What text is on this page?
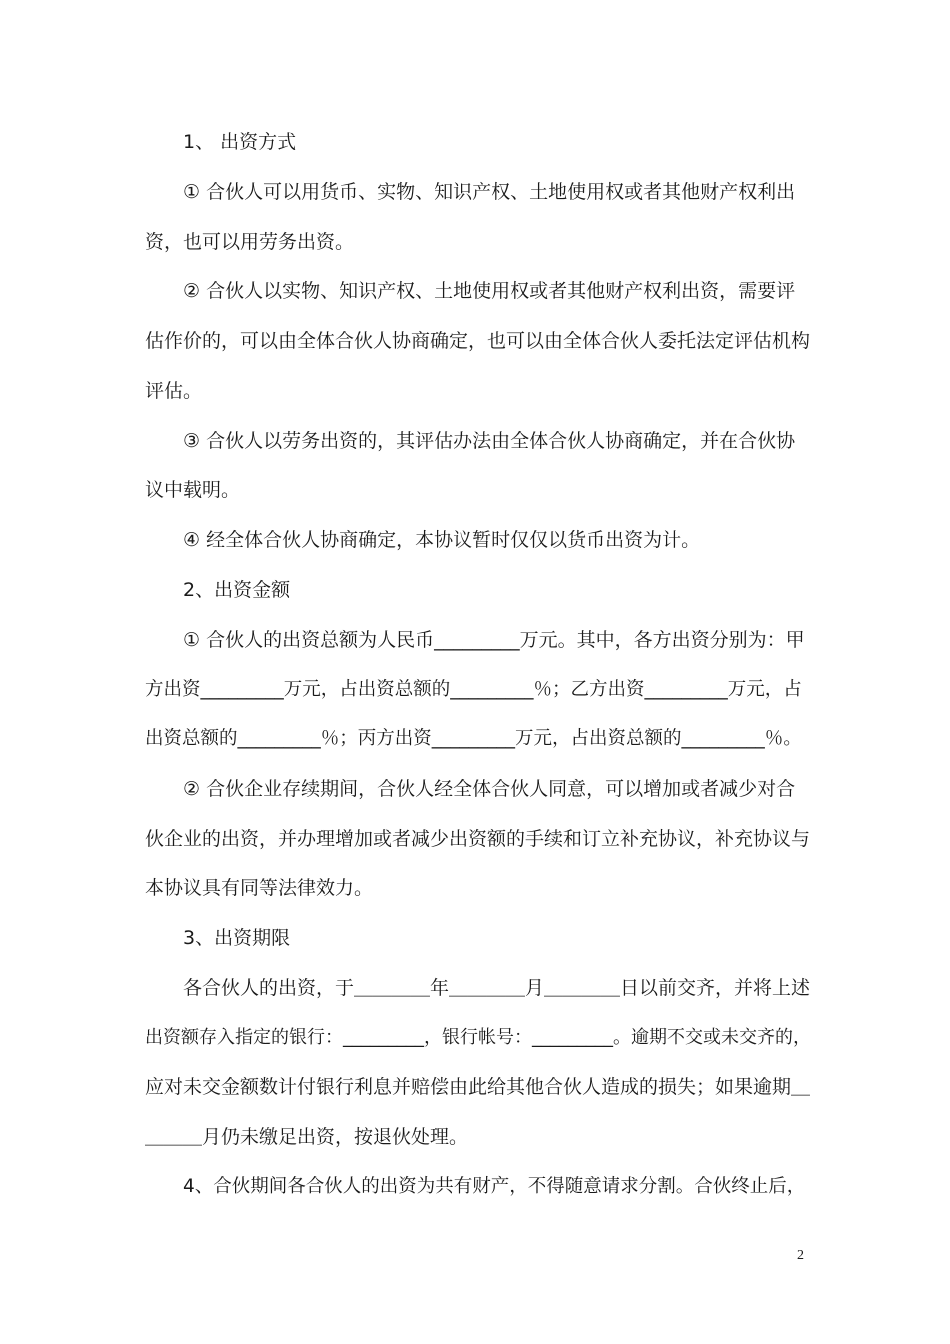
1、 出资方式
① 合伙人可以用货币、实物、知识产权、土地使用权或者其他财产权利出
资，也可以用劳务出资。
② 合伙人以实物、知识产权、土地使用权或者其他财产权利出资，需要评
估作价的，可以由全体合伙人协商确定，也可以由全体合伙人委托法定评估机构
评估。
③ 合伙人以劳务出资的，其评估办法由全体合伙人协商确定，并在合伙协
议中载明。
④ 经全体合伙人协商确定，本协议暂时仅仅以货币出资为计。
2、出资金额
① 合伙人的出资总额为人民币_________万元。其中，各方出资分别为：甲
方出资_________万元，占出资总额的_________％；乙方出资_________万元，占
出资总额的_________％；丙方出资_________万元，占出资总额的_________％。
② 合伙企业存续期间，合伙人经全体合伙人同意，可以增加或者减少对合
伙企业的出资，并办理增加或者减少出资额的手续和订立补充协议，补充协议与
本协议具有同等法律效力。
3、出资期限
各合伙人的出资，于＿＿＿＿年＿＿＿＿月＿＿＿＿日以前交齐，并将上述
出资额存入指定的银行：_________，银行帐号：_________。逾期不交或未交齐的，
应对未交金额数计付银行利息并赔偿由此给其他合伙人造成的损失；如果逾期＿
＿＿＿月仍未缴足出资，按退伙处理。
4、合伙期间各合伙人的出资为共有财产，不得随意请求分割。合伙终止后，
2
